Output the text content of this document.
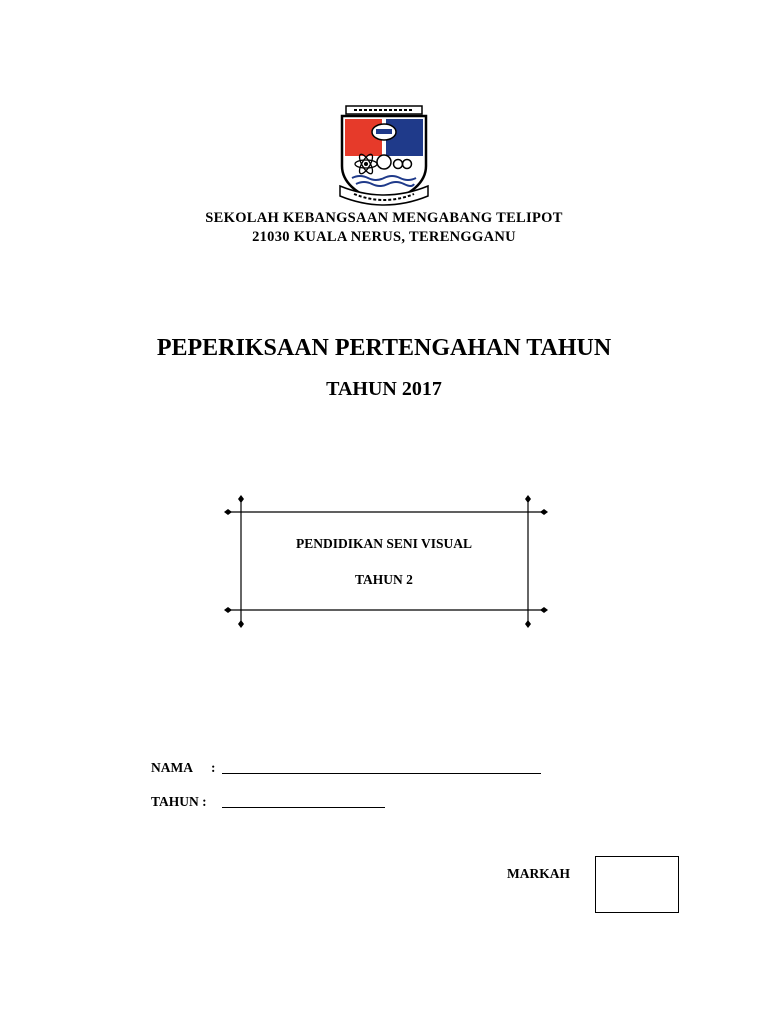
SEKOLAH KEBANGSAAN MENGABANG TELIPOT
21030 KUALA NERUS, TERENGGANU
PEPERIKSAAN PERTENGAHAN TAHUN
TAHUN 2017
PENDIDIKAN SENI VISUAL
TAHUN 2
NAMA :
TAHUN :
MARKAH
